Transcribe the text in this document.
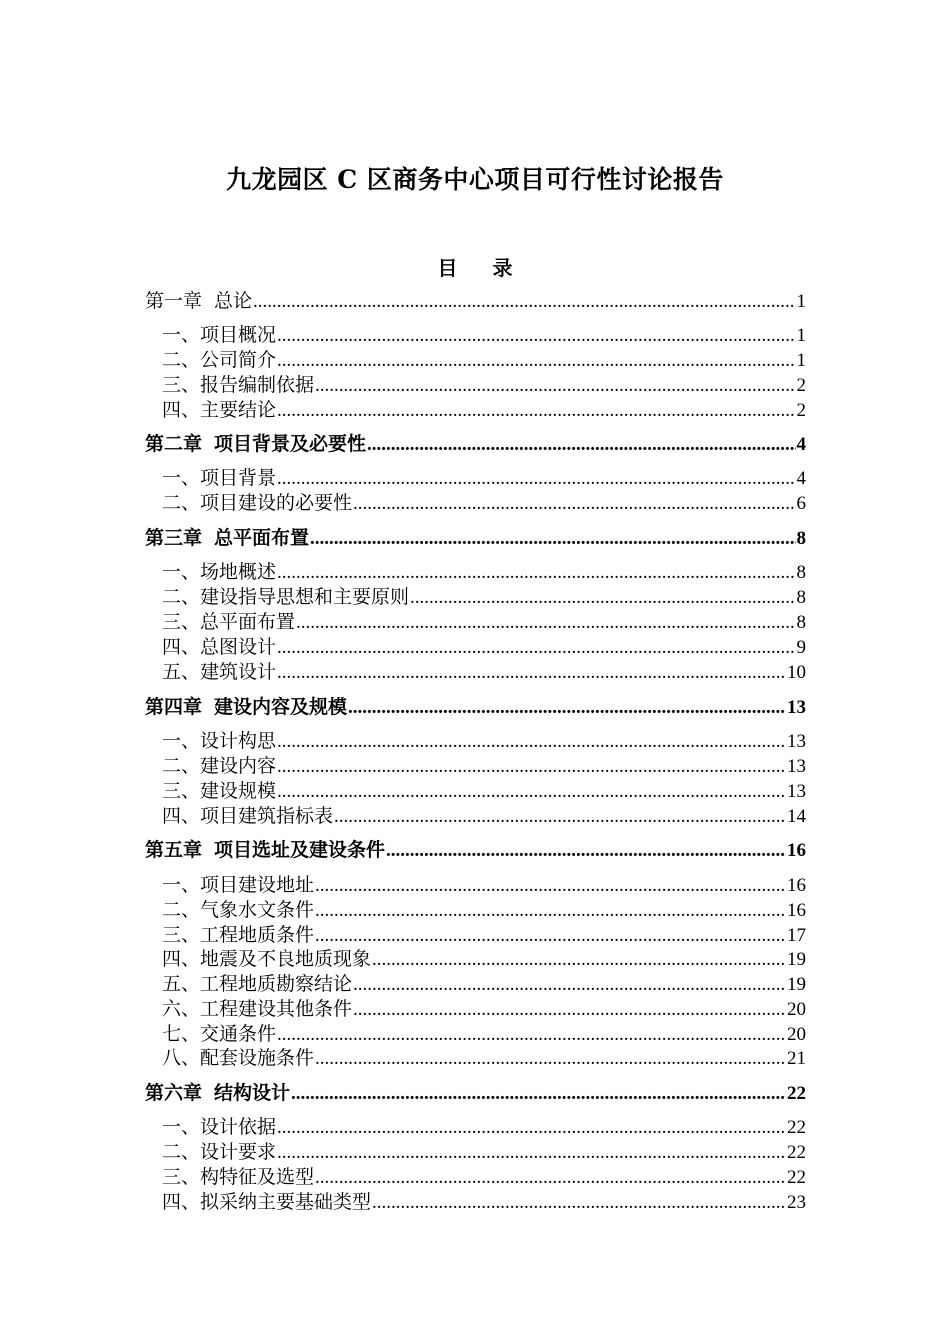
九龙园区 C 区商务中心项目可行性讨论报告
目 录
第一章 总论 .....	1
一、项目概况 .....	1
二、公司简介 .....	1
三、报告编制依据 .....	2
四、主要结论 .....	2
第二章 项目背景及必要性 .....	4
一、项目背景 .....	4
二、项目建设的必要性 .....	6
第三章 总平面布置 .....	8
一、场地概述 .....	8
二、建设指导思想和主要原则 .....	8
三、总平面布置 .....	8
四、总图设计 .....	9
五、建筑设计 .....	10
第四章 建设内容及规模 .....	13
一、设计构思 .....	13
二、建设内容 .....	13
三、建设规模 .....	13
四、项目建筑指标表 .....	14
第五章 项目选址及建设条件 .....	16
一、项目建设地址 .....	16
二、气象水文条件 .....	16
三、工程地质条件 .....	17
四、地震及不良地质现象 .....	19
五、工程地质勘察结论 .....	19
六、工程建设其他条件 .....	20
七、交通条件 .....	20
八、配套设施条件 .....	21
第六章 结构设计 .....	22
一、设计依据 .....	22
二、设计要求 .....	22
三、构特征及选型 .....	22
四、拟采纳主要基础类型 .....	23
